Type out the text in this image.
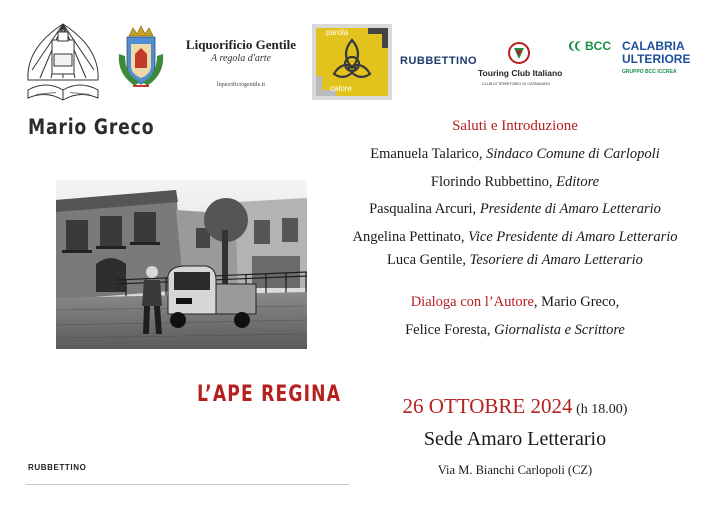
Liquorificio Gentile
A regola d'arte
liquorificiogentile.it
parola
calore
RUBBETTINO
Touring Club Italiano
CLUB DI TERRITORIO DI CATANZARO
BCC CALABRIA
ULTERIORE
GRUPPO BCC ICCREA
Mario Greco
L’APE REGINA
RUBBETTINO
Saluti e Introduzione
Emanuela Talarico, Sindaco Comune di Carlopoli
Florindo Rubbettino, Editore
Pasqualina Arcuri, Presidente di Amaro Letterario
Angelina Pettinato, Vice Presidente di Amaro Letterario
Luca Gentile, Tesoriere di Amaro Letterario
Dialoga con l’Autore, Mario Greco,
Felice Foresta, Giornalista e Scrittore
26 OTTOBRE 2024 (h 18.00)
Sede Amaro Letterario
Via M. Bianchi Carlopoli (CZ)
